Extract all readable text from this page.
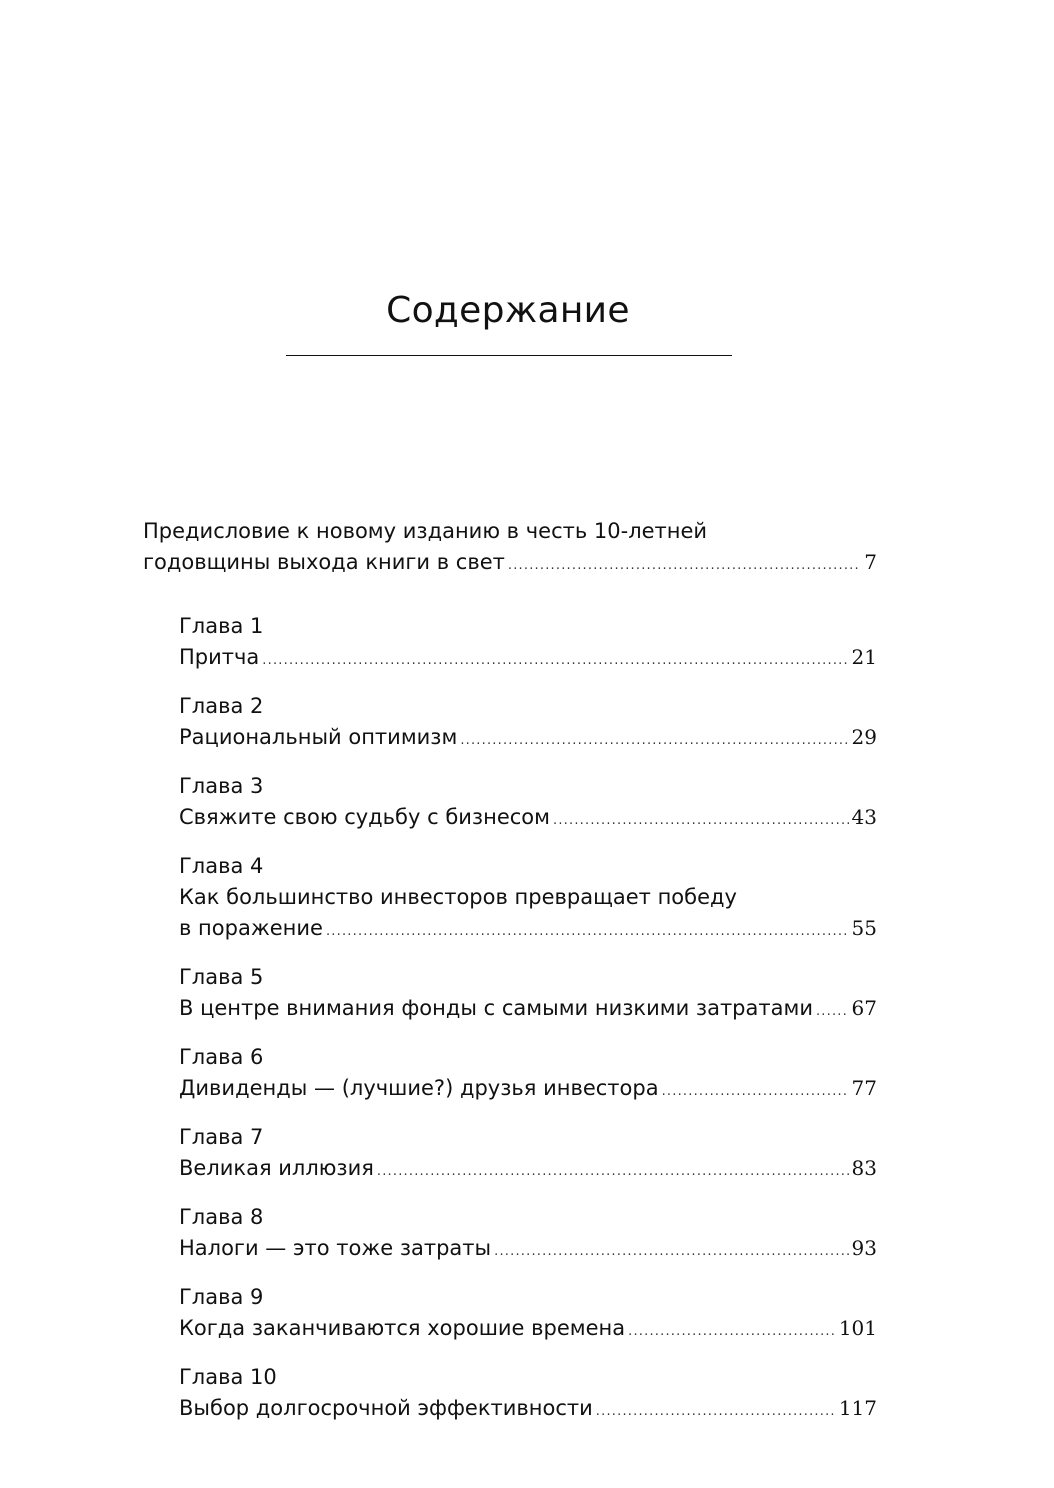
Содержание
Предисловие к новому изданию в честь 10-летней
годовщины выхода книги в свет .....	7
Глава 1
Притча .....	21
Глава 2
Рациональный оптимизм .....	29
Глава 3
Свяжите свою судьбу с бизнесом .....	43
Глава 4
Как большинство инвесторов превращает победу
в поражение .....	55
Глава 5
В центре внимания фонды с самыми низкими затратами ..... 67
Глава 6
Дивиденды — (лучшие?) друзья инвестора .....	77
Глава 7
Великая иллюзия .....	83
Глава 8
Налоги — это тоже затраты .....	93
Глава 9
Когда заканчиваются хорошие времена .....	101
Глава 10
Выбор долгосрочной эффективности .....	117
